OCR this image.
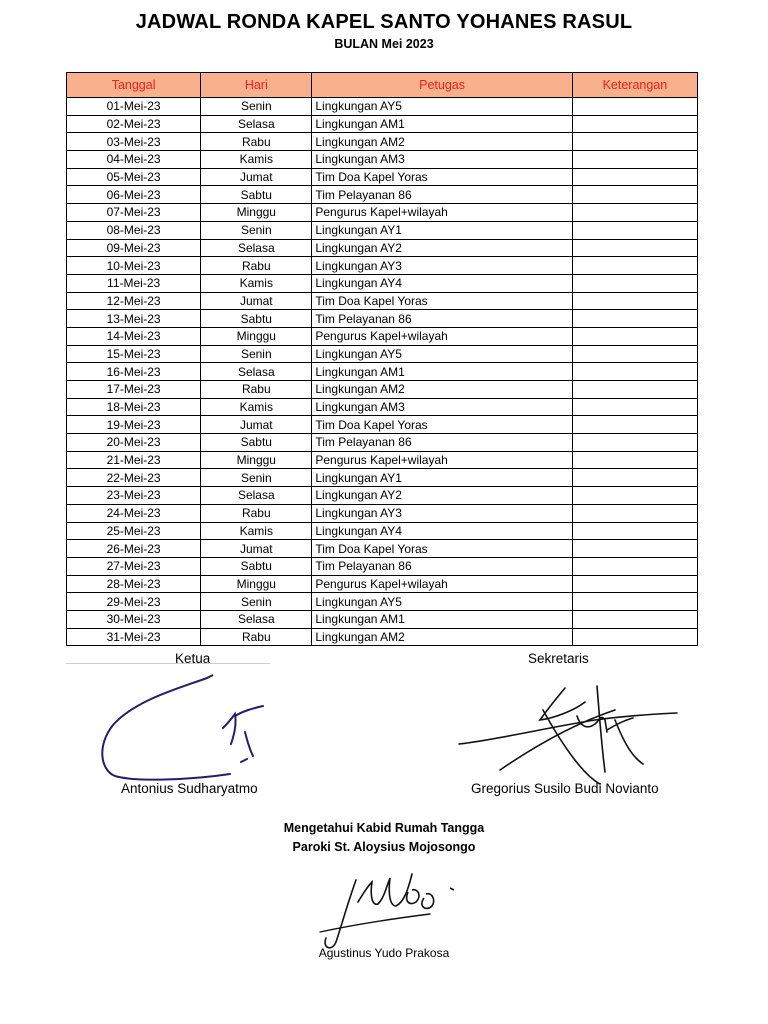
JADWAL RONDA KAPEL SANTO YOHANES RASUL
BULAN Mei 2023
Tanggal	Hari	Petugas	Keterangan
01-Mei-23	Senin	Lingkungan AY5	
02-Mei-23	Selasa	Lingkungan AM1	
03-Mei-23	Rabu	Lingkungan AM2	
04-Mei-23	Kamis	Lingkungan AM3	
05-Mei-23	Jumat	Tim Doa Kapel Yoras	
06-Mei-23	Sabtu	Tim Pelayanan 86	
07-Mei-23	Minggu	Pengurus Kapel+wilayah	
08-Mei-23	Senin	Lingkungan AY1	
09-Mei-23	Selasa	Lingkungan AY2	
10-Mei-23	Rabu	Lingkungan AY3	
11-Mei-23	Kamis	Lingkungan AY4	
12-Mei-23	Jumat	Tim Doa Kapel Yoras	
13-Mei-23	Sabtu	Tim Pelayanan 86	
14-Mei-23	Minggu	Pengurus Kapel+wilayah	
15-Mei-23	Senin	Lingkungan AY5	
16-Mei-23	Selasa	Lingkungan AM1	
17-Mei-23	Rabu	Lingkungan AM2	
18-Mei-23	Kamis	Lingkungan AM3	
19-Mei-23	Jumat	Tim Doa Kapel Yoras	
20-Mei-23	Sabtu	Tim Pelayanan 86	
21-Mei-23	Minggu	Pengurus Kapel+wilayah	
22-Mei-23	Senin	Lingkungan AY1	
23-Mei-23	Selasa	Lingkungan AY2	
24-Mei-23	Rabu	Lingkungan AY3	
25-Mei-23	Kamis	Lingkungan AY4	
26-Mei-23	Jumat	Tim Doa Kapel Yoras	
27-Mei-23	Sabtu	Tim Pelayanan 86	
28-Mei-23	Minggu	Pengurus Kapel+wilayah	
29-Mei-23	Senin	Lingkungan AY5	
30-Mei-23	Selasa	Lingkungan AM1	
31-Mei-23	Rabu	Lingkungan AM2	
Ketua
Antonius Sudharyatmo
Sekretaris
Gregorius Susilo Budi Novianto
Mengetahui Kabid Rumah Tangga
Paroki St. Aloysius Mojosongo
Agustinus Yudo Prakosa
